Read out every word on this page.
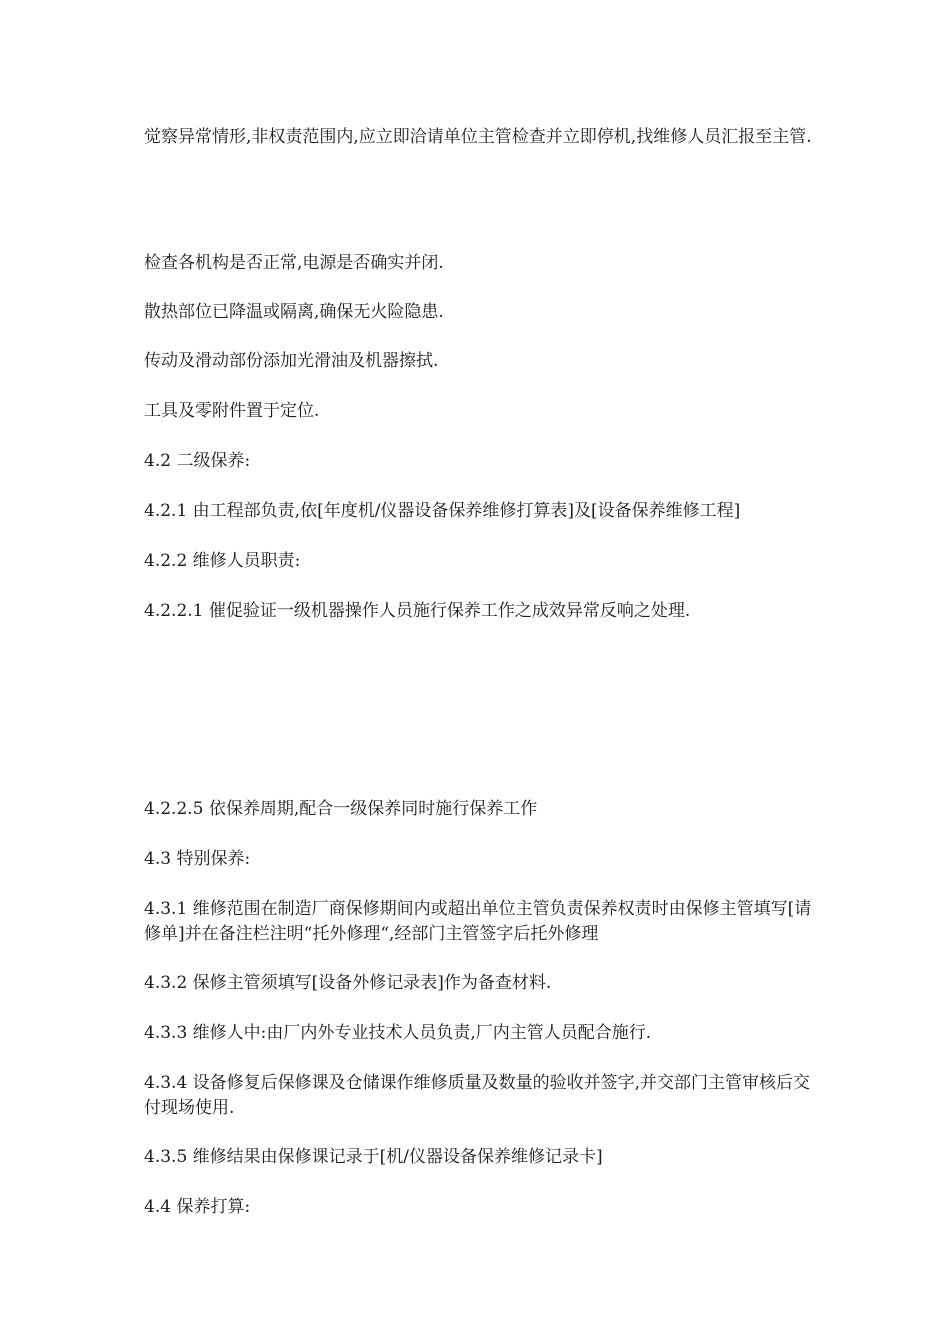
觉察异常情形,非权责范围内,应立即洽请单位主管检查并立即停机,找维修人员汇报至主管.

检查各机构是否正常,电源是否确实并闭.

散热部位已降温或隔离,确保无火险隐患.

传动及滑动部份添加光滑油及机器擦拭.

工具及零附件置于定位.

4.2 二级保养:

4.2.1 由工程部负责,依[年度机/仪器设备保养维修打算表]及[设备保养维修工程]

4.2.2 维修人员职责:

4.2.2.1 催促验证一级机器操作人员施行保养工作之成效异常反响之处理.

4.2.2.5 依保养周期,配合一级保养同时施行保养工作

4.3 特别保养:

4.3.1 维修范围在制造厂商保修期间内或超出单位主管负责保养权责时由保修主管填写[请修单]并在备注栏注明“托外修理“,经部门主管签字后托外修理

4.3.2 保修主管须填写[设备外修记录表]作为备查材料.

4.3.3 维修人中:由厂内外专业技术人员负责,厂内主管人员配合施行.

4.3.4 设备修复后保修课及仓储课作维修质量及数量的验收并签字,并交部门主管审核后交付现场使用.

4.3.5 维修结果由保修课记录于[机/仪器设备保养维修记录卡]

4.4 保养打算:
